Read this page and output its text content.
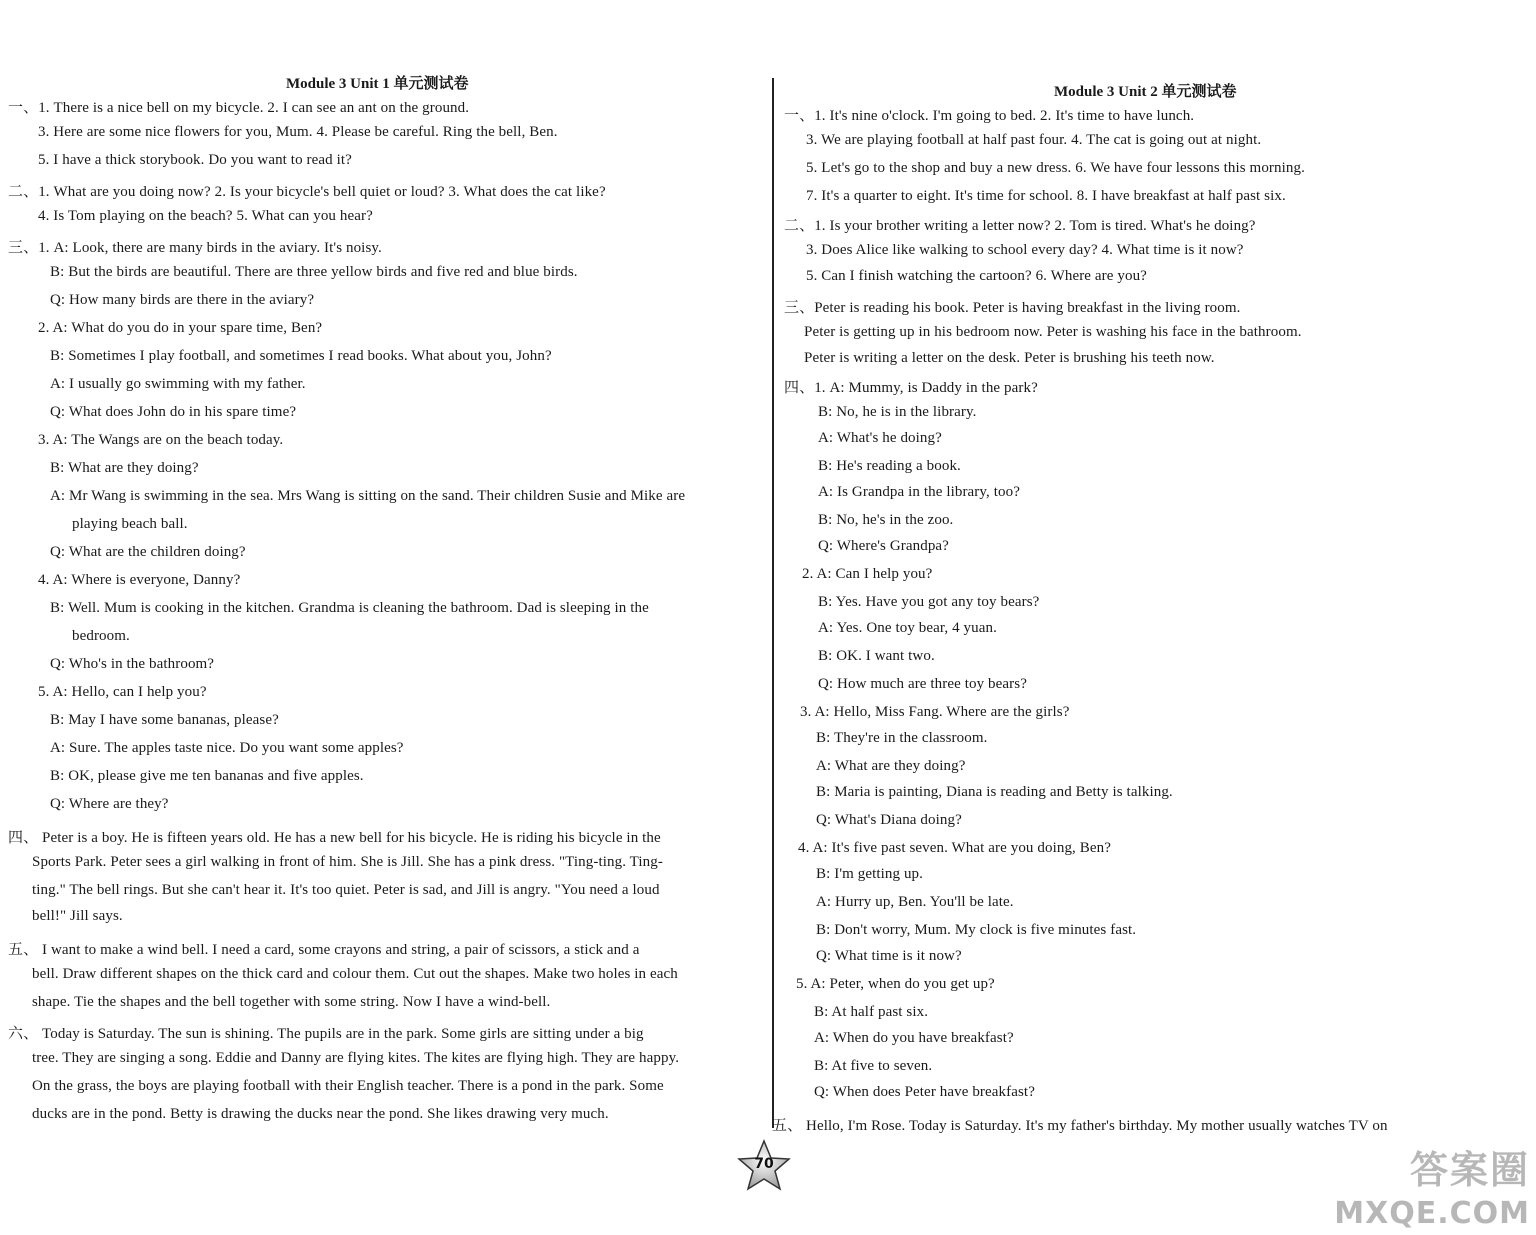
Module 3 Unit 1 单元测试卷
一、1. There is a nice bell on my bicycle. 2. I can see an ant on the ground.
3. Here are some nice flowers for you, Mum. 4. Please be careful. Ring the bell, Ben.
5. I have a thick storybook. Do you want to read it?
二、1. What are you doing now? 2. Is your bicycle's bell quiet or loud? 3. What does the cat like?
4. Is Tom playing on the beach? 5. What can you hear?
三、1. A: Look, there are many birds in the aviary. It's noisy.
B: But the birds are beautiful. There are three yellow birds and five red and blue birds.
Q: How many birds are there in the aviary?
2. A: What do you do in your spare time, Ben?
B: Sometimes I play football, and sometimes I read books. What about you, John?
A: I usually go swimming with my father.
Q: What does John do in his spare time?
3. A: The Wangs are on the beach today.
B: What are they doing?
A: Mr Wang is swimming in the sea. Mrs Wang is sitting on the sand. Their children Susie and Mike are
playing beach ball.
Q: What are the children doing?
4. A: Where is everyone, Danny?
B: Well. Mum is cooking in the kitchen. Grandma is cleaning the bathroom. Dad is sleeping in the
bedroom.
Q: Who's in the bathroom?
5. A: Hello, can I help you?
B: May I have some bananas, please?
A: Sure. The apples taste nice. Do you want some apples?
B: OK, please give me ten bananas and five apples.
Q: Where are they?
四、 Peter is a boy. He is fifteen years old. He has a new bell for his bicycle. He is riding his bicycle in the
Sports Park. Peter sees a girl walking in front of him. She is Jill. She has a pink dress. "Ting-ting. Ting-
ting." The bell rings. But she can't hear it. It's too quiet. Peter is sad, and Jill is angry. "You need a loud
bell!" Jill says.
五、 I want to make a wind bell. I need a card, some crayons and string, a pair of scissors, a stick and a
bell. Draw different shapes on the thick card and colour them. Cut out the shapes. Make two holes in each
shape. Tie the shapes and the bell together with some string. Now I have a wind-bell.
六、 Today is Saturday. The sun is shining. The pupils are in the park. Some girls are sitting under a big
tree. They are singing a song. Eddie and Danny are flying kites. The kites are flying high. They are happy.
On the grass, the boys are playing football with their English teacher. There is a pond in the park. Some
ducks are in the pond. Betty is drawing the ducks near the pond. She likes drawing very much.
Module 3 Unit 2 单元测试卷
一、1. It's nine o'clock. I'm going to bed. 2. It's time to have lunch.
3. We are playing football at half past four. 4. The cat is going out at night.
5. Let's go to the shop and buy a new dress. 6. We have four lessons this morning.
7. It's a quarter to eight. It's time for school. 8. I have breakfast at half past six.
二、1. Is your brother writing a letter now? 2. Tom is tired. What's he doing?
3. Does Alice like walking to school every day? 4. What time is it now?
5. Can I finish watching the cartoon? 6. Where are you?
三、Peter is reading his book. Peter is having breakfast in the living room.
Peter is getting up in his bedroom now. Peter is washing his face in the bathroom.
Peter is writing a letter on the desk. Peter is brushing his teeth now.
四、1. A: Mummy, is Daddy in the park?
B: No, he is in the library.
A: What's he doing?
B: He's reading a book.
A: Is Grandpa in the library, too?
B: No, he's in the zoo.
Q: Where's Grandpa?
2. A: Can I help you?
B: Yes. Have you got any toy bears?
A: Yes. One toy bear, 4 yuan.
B: OK. I want two.
Q: How much are three toy bears?
3. A: Hello, Miss Fang. Where are the girls?
B: They're in the classroom.
A: What are they doing?
B: Maria is painting, Diana is reading and Betty is talking.
Q: What's Diana doing?
4. A: It's five past seven. What are you doing, Ben?
B: I'm getting up.
A: Hurry up, Ben. You'll be late.
B: Don't worry, Mum. My clock is five minutes fast.
Q: What time is it now?
5. A: Peter, when do you get up?
B: At half past six.
A: When do you have breakfast?
B: At five to seven.
Q: When does Peter have breakfast?
五、 Hello, I'm Rose. Today is Saturday. It's my father's birthday. My mother usually watches TV on
70	答案圈
MXQE.COM
